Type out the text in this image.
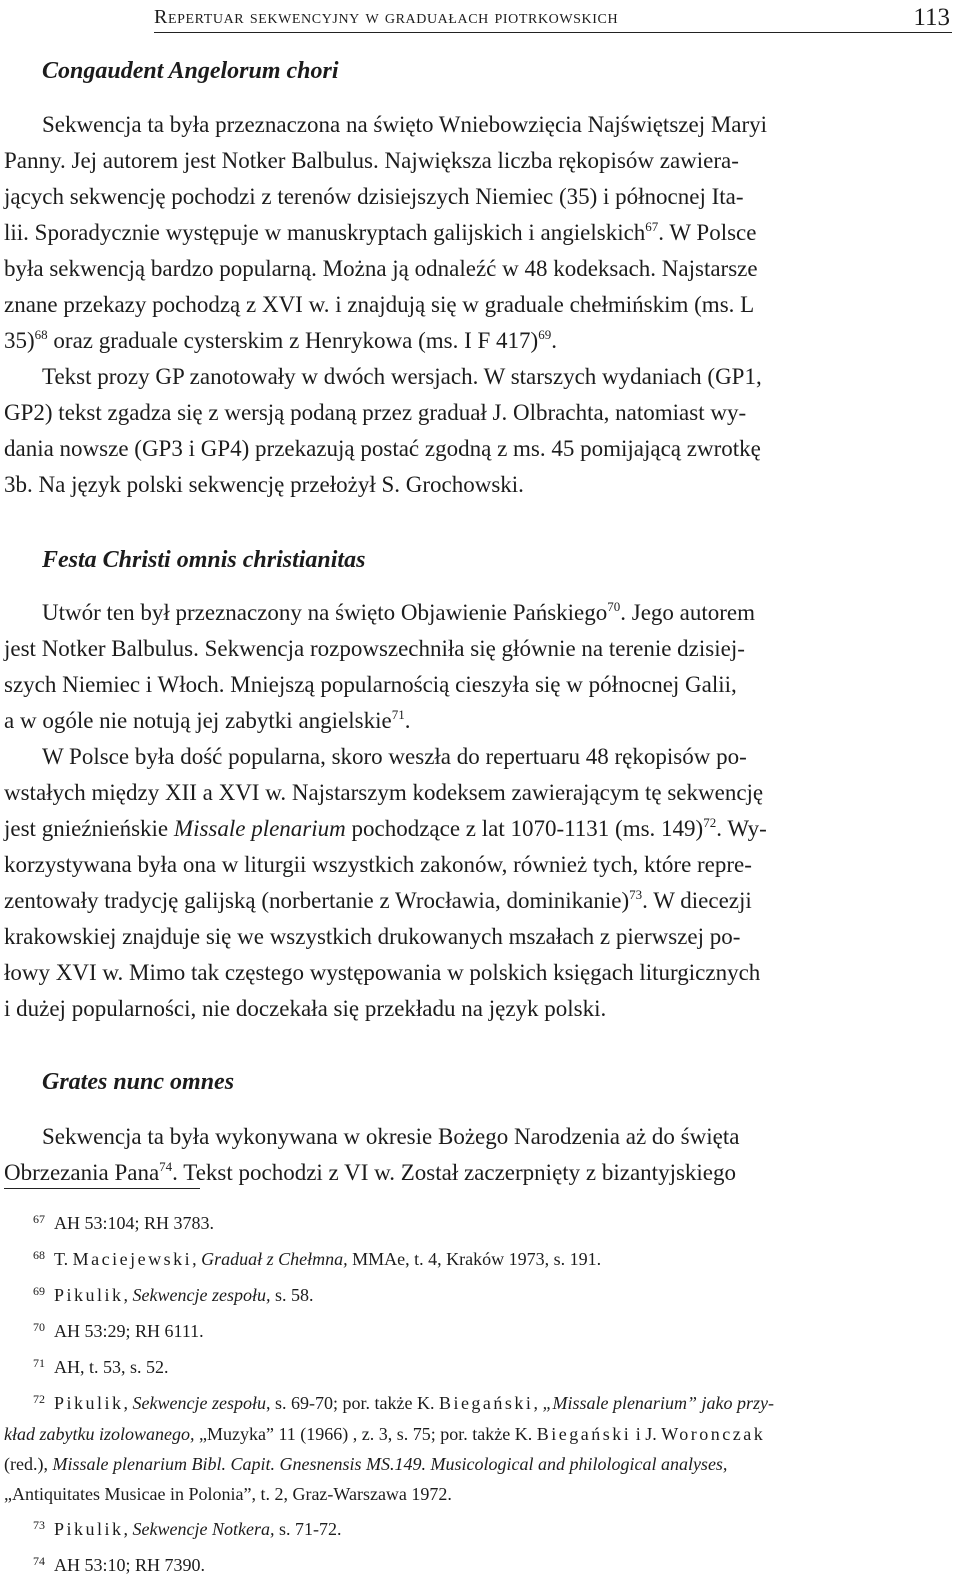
Repertuar sekwencyjny w graduałach piotrkowskich	113
Congaudent Angelorum chori
Sekwencja ta była przeznaczona na święto Wniebowzięcia Najświętszej Maryi
Panny. Jej autorem jest Notker Balbulus. Największa liczba rękopisów zawiera-
jących sekwencję pochodzi z terenów dzisiejszych Niemiec (35) i północnej Ita-
lii. Sporadycznie występuje w manuskryptach galijskich i angielskich$^{67}$. W Polsce
była sekwencją bardzo popularną. Można ją odnaleźć w 48 kodeksach. Najstarsze
znane przekazy pochodzą z XVI w. i znajdują się w graduale chełmińskim (ms. L
35)$^{68}$ oraz graduale cysterskim z Henrykowa (ms. I F 417)$^{69}$.
Tekst prozy GP zanotowały w dwóch wersjach. W starszych wydaniach (GP1,
GP2) tekst zgadza się z wersją podaną przez graduał J. Olbrachta, natomiast wy-
dania nowsze (GP3 i GP4) przekazują postać zgodną z ms. 45 pomijającą zwrotkę
3b. Na język polski sekwencję przełożył S. Grochowski.
Festa Christi omnis christianitas
Utwór ten był przeznaczony na święto Objawienie Pańskiego$^{70}$. Jego autorem
jest Notker Balbulus. Sekwencja rozpowszechniła się głównie na terenie dzisiej-
szych Niemiec i Włoch. Mniejszą popularnością cieszyła się w północnej Galii,
a w ogóle nie notują jej zabytki angielskie$^{71}$.
W Polsce była dość popularna, skoro weszła do repertuaru 48 rękopisów po-
wstałych między XII a XVI w. Najstarszym kodeksem zawierającym tę sekwencję
jest gnieźnieńskie Missale plenarium pochodzące z lat 1070-1131 (ms. 149)$^{72}$. Wy-
korzystywana była ona w liturgii wszystkich zakonów, również tych, które repre-
zentowały tradycję galijską (norbertanie z Wrocławia, dominikanie)$^{73}$. W diecezji
krakowskiej znajduje się we wszystkich drukowanych mszałach z pierwszej po-
łowy XVI w. Mimo tak częstego występowania w polskich księgach liturgicznych
i dużej popularności, nie doczekała się przekładu na język polski.
Grates nunc omnes
Sekwencja ta była wykonywana w okresie Bożego Narodzenia aż do święta
Obrzezania Pana$^{74}$. Tekst pochodzi z VI w. Został zaczerpnięty z bizantyjskiego
67 AH 53:104; RH 3783.
68 T. Maciejewski, Graduał z Chełmna, MMAe, t. 4, Kraków 1973, s. 191.
69 Pikulik, Sekwencje zespołu, s. 58.
70 AH 53:29; RH 6111.
71 AH, t. 53, s. 52.
72 Pikulik, Sekwencje zespołu, s. 69-70; por. także K. Biegański, „Missale plenarium” jako przy-
kład zabytku izolowanego, „Muzyka” 11 (1966) , z. 3, s. 75; por. także K. Biegański i J. Woronczak
(red.), Missale plenarium Bibl. Capit. Gnesnensis MS.149. Musicological and philological analyses,
„Antiquitates Musicae in Polonia”, t. 2, Graz-Warszawa 1972.
73 Pikulik, Sekwencje Notkera, s. 71-72.
74 AH 53:10; RH 7390.
